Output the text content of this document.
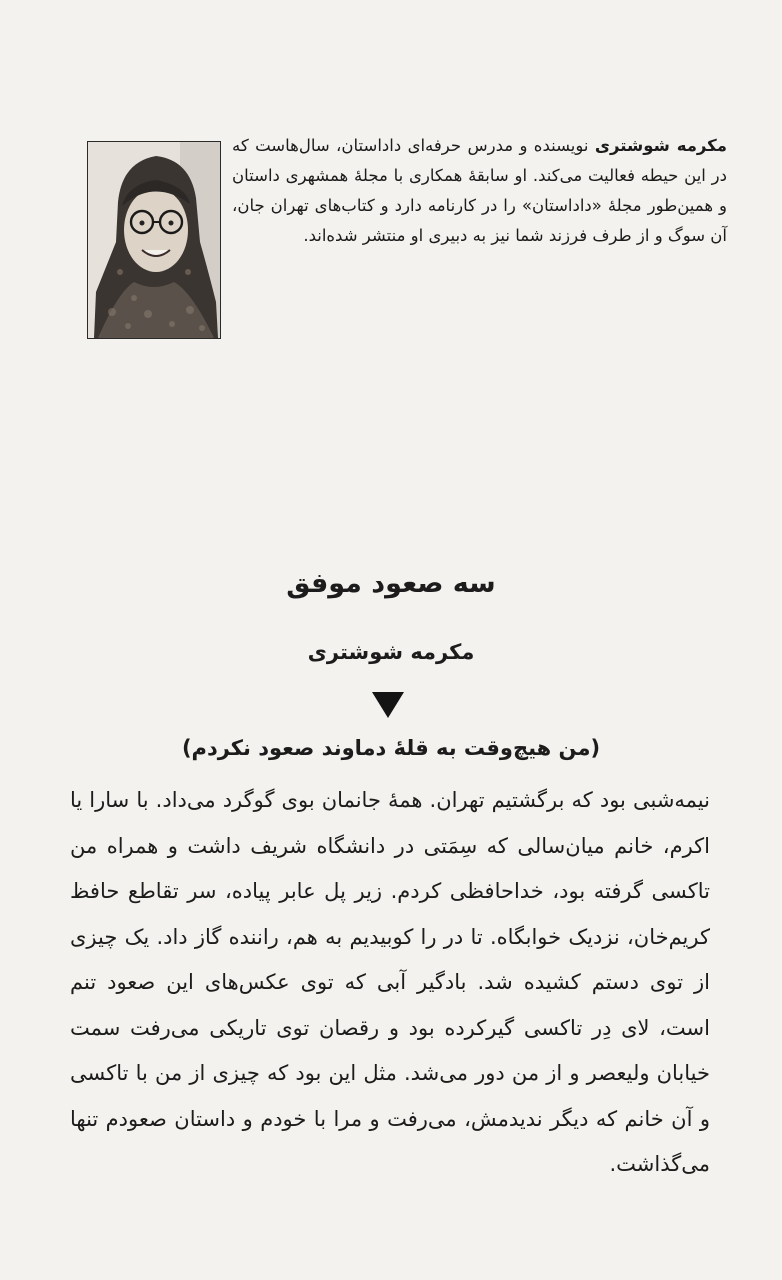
مکرمه شوشتری نویسنده و مدرس حرفه‌ای داداستان، سال‌هاست که در این حیطه فعالیت می‌کند. او سابقهٔ همکاری با مجلهٔ همشهری داستان و همین‌طور مجلهٔ «داداستان» را در کارنامه دارد و کتاب‌های تهران جان، آن سوگ و از طرف فرزند شما نیز به دبیری او منتشر شده‌اند.
سه صعود موفق
مکرمه شوشتری
(من هیچ‌وقت به قلهٔ دماوند صعود نکردم)
نیمه‌شبی بود که برگشتیم تهران. همهٔ جانمان بوی گوگرد می‌داد. با سارا یا اکرم، خانم میان‌سالی که سِمَتی در دانشگاه شریف داشت و همراه من تاکسی گرفته بود، خداحافظی کردم. زیر پل عابر پیاده، سر تقاطع حافظ کریم‌خان، نزدیک خوابگاه. تا در را کوبیدیم به هم، راننده گاز داد. یک چیزی از توی دستم کشیده شد. بادگیر آبی که توی عکس‌های این صعود تنم است، لای دِر تاکسی گیرکرده بود و رقصان توی تاریکی می‌رفت سمت خیابان ولیعصر و از من دور می‌شد. مثل این بود که چیزی از من با تاکسی و آن خانم که دیگر ندیدمش، می‌رفت و مرا با خودم و داستان صعودم تنها می‌گذاشت.
